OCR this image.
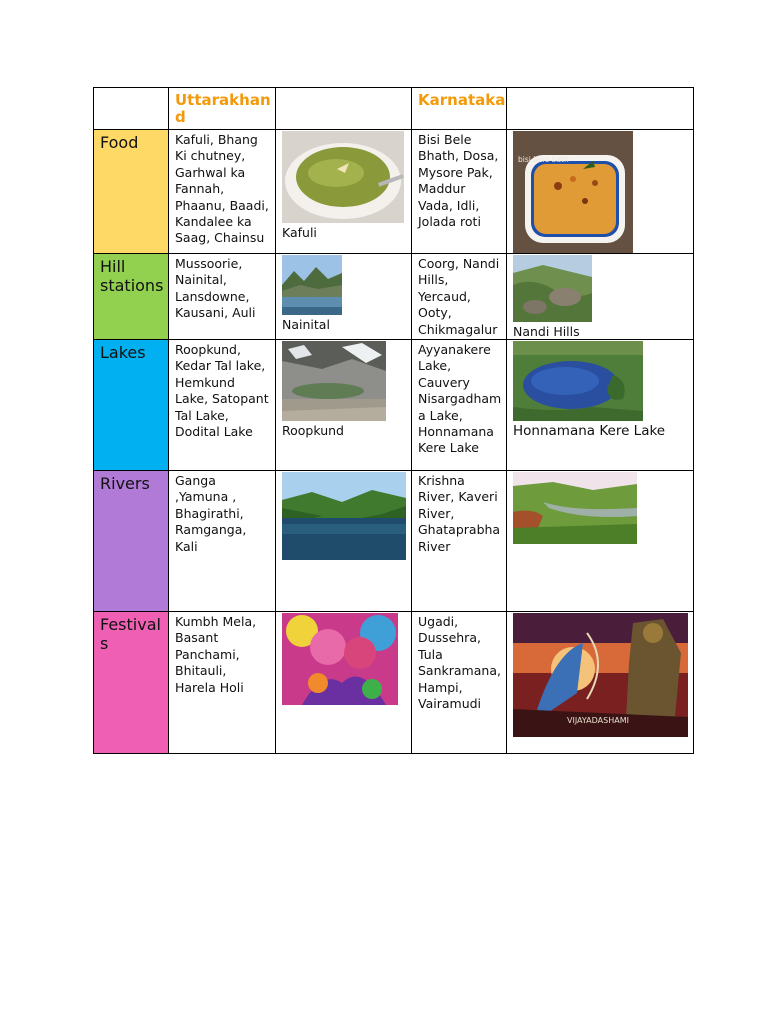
	Uttarakhand		Karnataka	
Food	Kafuli, Bhang Ki chutney, Garhwal ka Fannah, Phaanu, Baadi, Kandalee ka Saag, Chainsu	Kafuli	Bisi Bele Bhath, Dosa, Mysore Pak, Maddur Vada, Idli, Jolada roti	bisi bele bath

Hill stations	Mussoorie, Nainital, Lansdowne, Kausani, Auli	Nainital	Coorg, Nandi Hills, Yercaud, Ooty, Chikmagalur	Nandi Hills

Lakes	Roopkund, Kedar Tal lake, Hemkund Lake, Satopant Tal Lake, Dodital Lake	Roopkund	Ayyanakere Lake, Cauvery Nisargadham a Lake, Honnamana Kere Lake	Honnamana Kere Lake

Rivers	Ganga ,Yamuna , Bhagirathi, Ramganga, Kali		Krishna River, Kaveri River, Ghataprabha River	

Festivals	Kumbh Mela, Basant Panchami, Bhitauli, Harela Holi		Ugadi, Dussehra, Tula Sankramana, Hampi, Vairamudi	VIJAYADASHAMI
